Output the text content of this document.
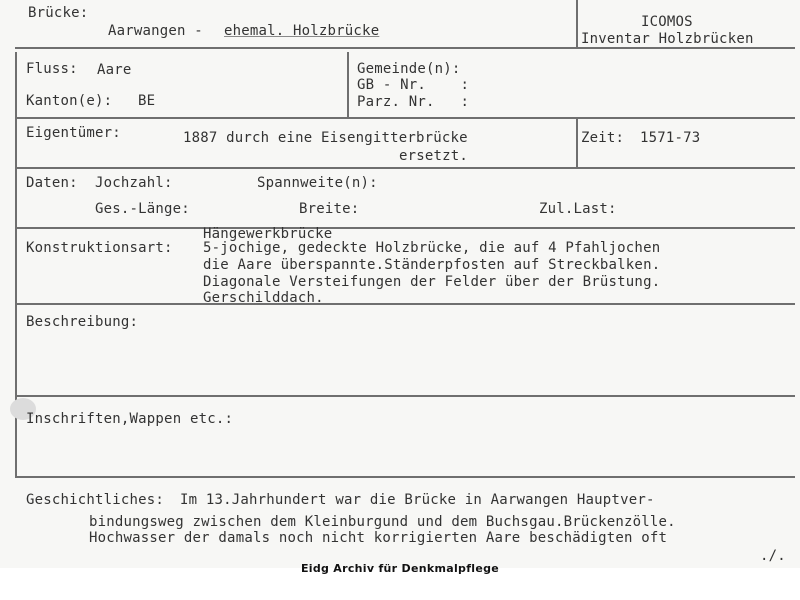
Brücke:
Aarwangen - ehemal. Holzbrücke
ICOMOS
Inventar Holzbrücken
Fluss: Aare
Kanton(e): BE
Gemeinde(n):
GB - Nr.    :
Parz. Nr.   :
Eigentümer:	1887 durch eine Eisengitterbrücke
ersetzt.
Zeit: 1571-73
Daten: Jochzahl:	Spannweite(n):
Ges.-Länge:	Breite:	Zul.Last:
Hängewerkbrücke
Konstruktionsart: 5-jochige, gedeckte Holzbrücke, die auf 4 Pfahljochen
die Aare überspannte.Ständerpfosten auf Streckbalken.
Diagonale Versteifungen der Felder über der Brüstung.
Gerschilddach.
Beschreibung:
Inschriften,Wappen etc.:
Geschichtliches: Im 13.Jahrhundert war die Brücke in Aarwangen Hauptver-
bindungsweg zwischen dem Kleinburgund und dem Buchsgau.Brückenzölle.
Hochwasser der damals noch nicht korrigierten Aare beschädigten oft
./.
Eidg Archiv für Denkmalpflege
